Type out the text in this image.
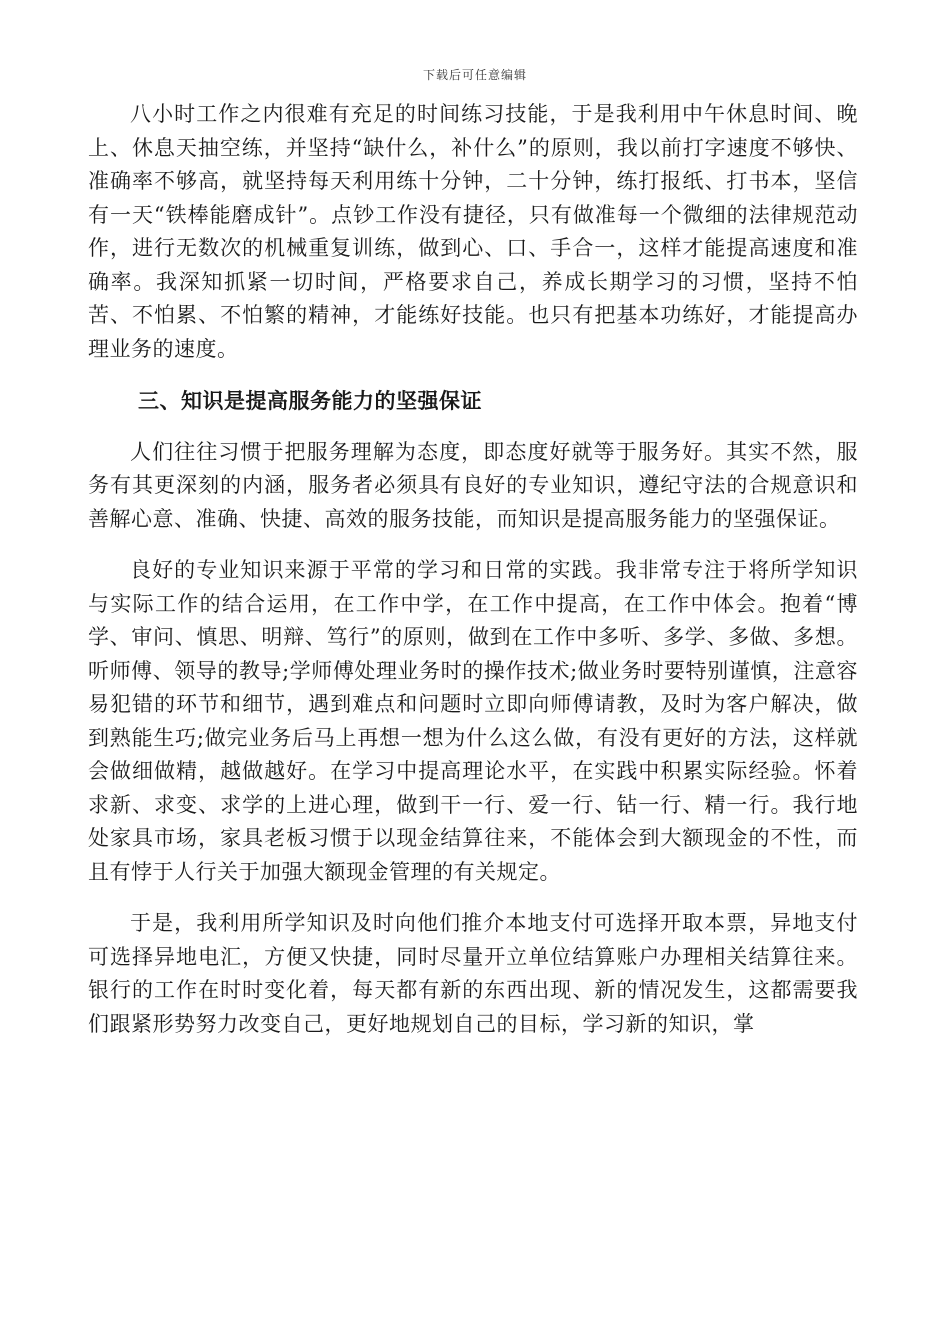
下载后可任意编辑

八小时工作之内很难有充足的时间练习技能，于是我利用中午休息时间、晚上、休息天抽空练，并坚持“缺什么，补什么”的原则，我以前打字速度不够快、准确率不够高，就坚持每天利用练十分钟，二十分钟，练打报纸、打书本，坚信有一天“铁棒能磨成针”。点钞工作没有捷径，只有做准每一个微细的法律规范动作，进行无数次的机械重复训练，做到心、口、手合一，这样才能提高速度和准确率。我深知抓紧一切时间，严格要求自己，养成长期学习的习惯，坚持不怕苦、不怕累、不怕繁的精神，才能练好技能。也只有把基本功练好，才能提高办理业务的速度。

三、知识是提高服务能力的坚强保证

人们往往习惯于把服务理解为态度，即态度好就等于服务好。其实不然，服务有其更深刻的内涵，服务者必须具有良好的专业知识，遵纪守法的合规意识和善解心意、准确、快捷、高效的服务技能，而知识是提高服务能力的坚强保证。

良好的专业知识来源于平常的学习和日常的实践。我非常专注于将所学知识与实际工作的结合运用，在工作中学，在工作中提高，在工作中体会。抱着“博学、审问、慎思、明辩、笃行”的原则，做到在工作中多听、多学、多做、多想。听师傅、领导的教导;学师傅处理业务时的操作技术;做业务时要特别谨慎，注意容易犯错的环节和细节，遇到难点和问题时立即向师傅请教，及时为客户解决，做到熟能生巧;做完业务后马上再想一想为什么这么做，有没有更好的方法，这样就会做细做精，越做越好。在学习中提高理论水平，在实践中积累实际经验。怀着求新、求变、求学的上进心理，做到干一行、爱一行、钻一行、精一行。我行地处家具市场，家具老板习惯于以现金结算往来，不能体会到大额现金的不性，而且有悖于人行关于加强大额现金管理的有关规定。

于是，我利用所学知识及时向他们推介本地支付可选择开取本票，异地支付可选择异地电汇，方便又快捷，同时尽量开立单位结算账户办理相关结算往来。银行的工作在时时变化着，每天都有新的东西出现、新的情况发生，这都需要我们跟紧形势努力改变自己，更好地规划自己的目标，学习新的知识，掌
